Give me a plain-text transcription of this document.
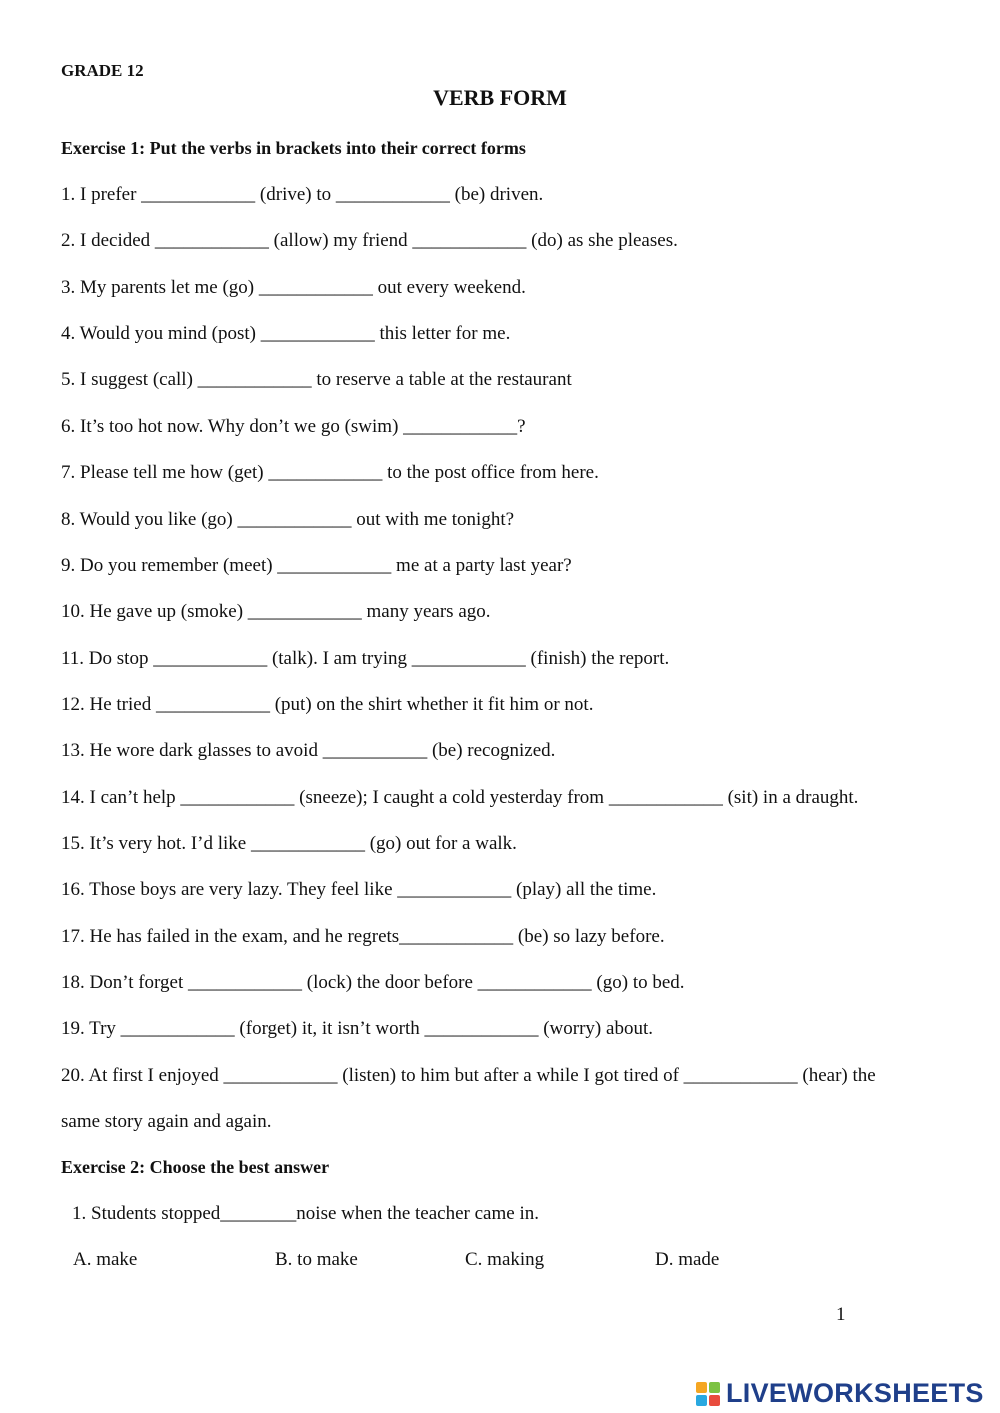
GRADE 12
VERB FORM
Exercise 1: Put the verbs in brackets into their correct forms
1. I prefer ____________ (drive) to ____________ (be) driven.
2. I decided ____________ (allow) my friend ____________ (do) as she pleases.
3. My parents let me (go) ____________ out every weekend.
4. Would you mind (post) ____________ this letter for me.
5. I suggest (call) ____________ to reserve a table at the restaurant
6. It’s too hot now. Why don’t we go (swim) ____________?
7. Please tell me how (get) ____________ to the post office from here.
8. Would you like (go) ____________ out with me tonight?
9. Do you remember (meet) ____________ me at a party last year?
10. He gave up (smoke) ____________ many years ago.
11. Do stop ____________ (talk). I am trying ____________ (finish) the report.
12. He tried ____________ (put) on the shirt whether it fit him or not.
13. He wore dark glasses to avoid ___________ (be) recognized.
14. I can’t help ____________ (sneeze); I caught a cold yesterday from ____________ (sit) in a draught.
15. It’s very hot. I’d like ____________ (go) out for a walk.
16. Those boys are very lazy. They feel like ____________ (play) all the time.
17. He has failed in the exam, and he regrets____________ (be) so lazy before.
18. Don’t forget ____________ (lock) the door before ____________ (go) to bed.
19. Try ____________ (forget) it, it isn’t worth ____________ (worry) about.
20. At first I enjoyed ____________ (listen) to him but after a while I got tired of ____________ (hear) the
same story again and again.
Exercise 2: Choose the best answer
1. Students stopped________noise when the teacher came in.
A. make	B. to make	C. making	D. made
1
LIVEWORKSHEETS
